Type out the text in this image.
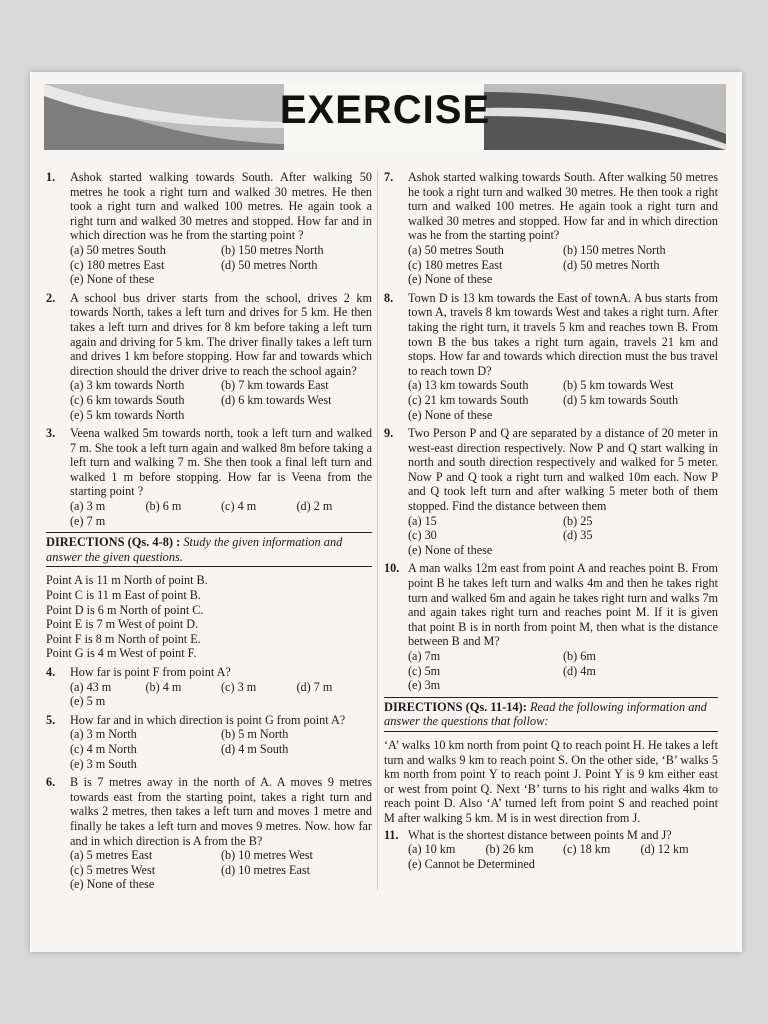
EXERCISE
1.	Ashok started walking towards South. After walking 50 metres he took a right turn and walked 30 metres. He then took a right turn and walked 100 metres. He again took a right turn and walked 30 metres and stopped. How far and in which direction was he from the starting point ?
(a) 50 metres South	(b) 150 metres North
(c) 180 metres East	(d) 50 metres North
(e) None of these
2.	A school bus driver starts from the school, drives 2 km towards North, takes a left turn and drives for 5 km. He then takes a left turn and drives for 8 km before taking a left turn again and driving for 5 km. The driver finally takes a left turn and drives 1 km before stopping. How far and towards which direction should the driver drive to reach the school again?
(a) 3 km towards North	(b) 7 km towards East
(c) 6 km towards South	(d) 6 km towards West
(e) 5 km towards North
3.	Veena walked 5m towards north, took a left turn and walked 7 m. She took a left turn again and walked 8m before taking a left turn and walking 7 m. She then took a final left turn and walked 1 m before stopping. How far is Veena from the starting point ?
(a) 3 m	(b) 6 m	(c) 4 m	(d) 2 m
(e) 7 m
DIRECTIONS (Qs. 4-8) : Study the given information and answer the given questions.
Point A is 11 m North of point B.
Point C is 11 m East of point B.
Point D is 6 m North of point C.
Point E is 7 m West of point D.
Point F is 8 m North of point E.
Point G is 4 m West of point F.
4.	How far is point F from point A?
(a) 43 m	(b) 4 m	(c) 3 m	(d) 7 m
(e) 5 m
5.	How far and in which direction is point G from point A?
(a) 3 m North	(b) 5 m North
(c) 4 m North	(d) 4 m South
(e) 3 m South
6.	B is 7 metres away in the north of A. A moves 9 metres towards east from the starting point, takes a right turn and walks 2 metres, then takes a left turn and moves 1 metre and finally he takes a left turn and moves 9 metres. Now. how far and in which direction is A from the B?
(a) 5 metres East	(b) 10 metres West
(c) 5 metres West	(d) 10 metres East
(e) None of these
7.	Ashok started walking towards South. After walking 50 metres he took a right turn and walked 30 metres. He then took a right turn and walked 100 metres. He again took a right turn and walked 30 metres and stopped. How far and in which direction was he from the starting point?
(a) 50 metres South	(b) 150 metres North
(c) 180 metres East	(d) 50 metres North
(e) None of these
8.	Town D is 13 km towards the East of townA. A bus starts from town A, travels 8 km towards West and takes a right turn. After taking the right turn, it travels 5 km and reaches town B. From town B the bus takes a right turn again, travels 21 km and stops. How far and towards which direction must the bus travel to reach town D?
(a) 13 km towards South	(b) 5 km towards West
(c) 21 km towards South	(d) 5 km towards South
(e) None of these
9.	Two Person P and Q are separated by a distance of 20 meter in west-east direction respectively. Now P and Q start walking in north and south direction respectively and walked for 5 meter. Now P and Q took a right turn and walked 10m each. Now P and Q took left turn and after walking 5 meter both of them stopped. Find the distance between them
(a) 15	(b) 25
(c) 30	(d) 35
(e) None of these
10. A man walks 12m east from point A and reaches point B. From point B he takes left turn and walks 4m and then he takes right turn and walked 6m and again he takes right turn and walks 7m and again takes right turn and reaches point M. If it is given that point B is in north from point M, then what is the distance between B and M?
(a) 7m	(b) 6m
(c) 5m	(d) 4m
(e) 3m
DIRECTIONS (Qs. 11-14): Read the following information and answer the questions that follow:
‘A’ walks 10 km north from point Q to reach point H. He takes a left turn and walks 9 km to reach point S. On the other side, ‘B’ walks 5 km north from point Y to reach point J. Point Y is 9 km either east or west from point Q. Next ‘B’ turns to his right and walks 4km to reach point D. Also ‘A’ turned left from point S and reached point M after walking 5 km. M is in west direction from J.
11. What is the shortest distance between points M and J?
(a) 10 km	(b) 26 km	(c) 18 km	(d) 12 km
(e) Cannot be Determined
